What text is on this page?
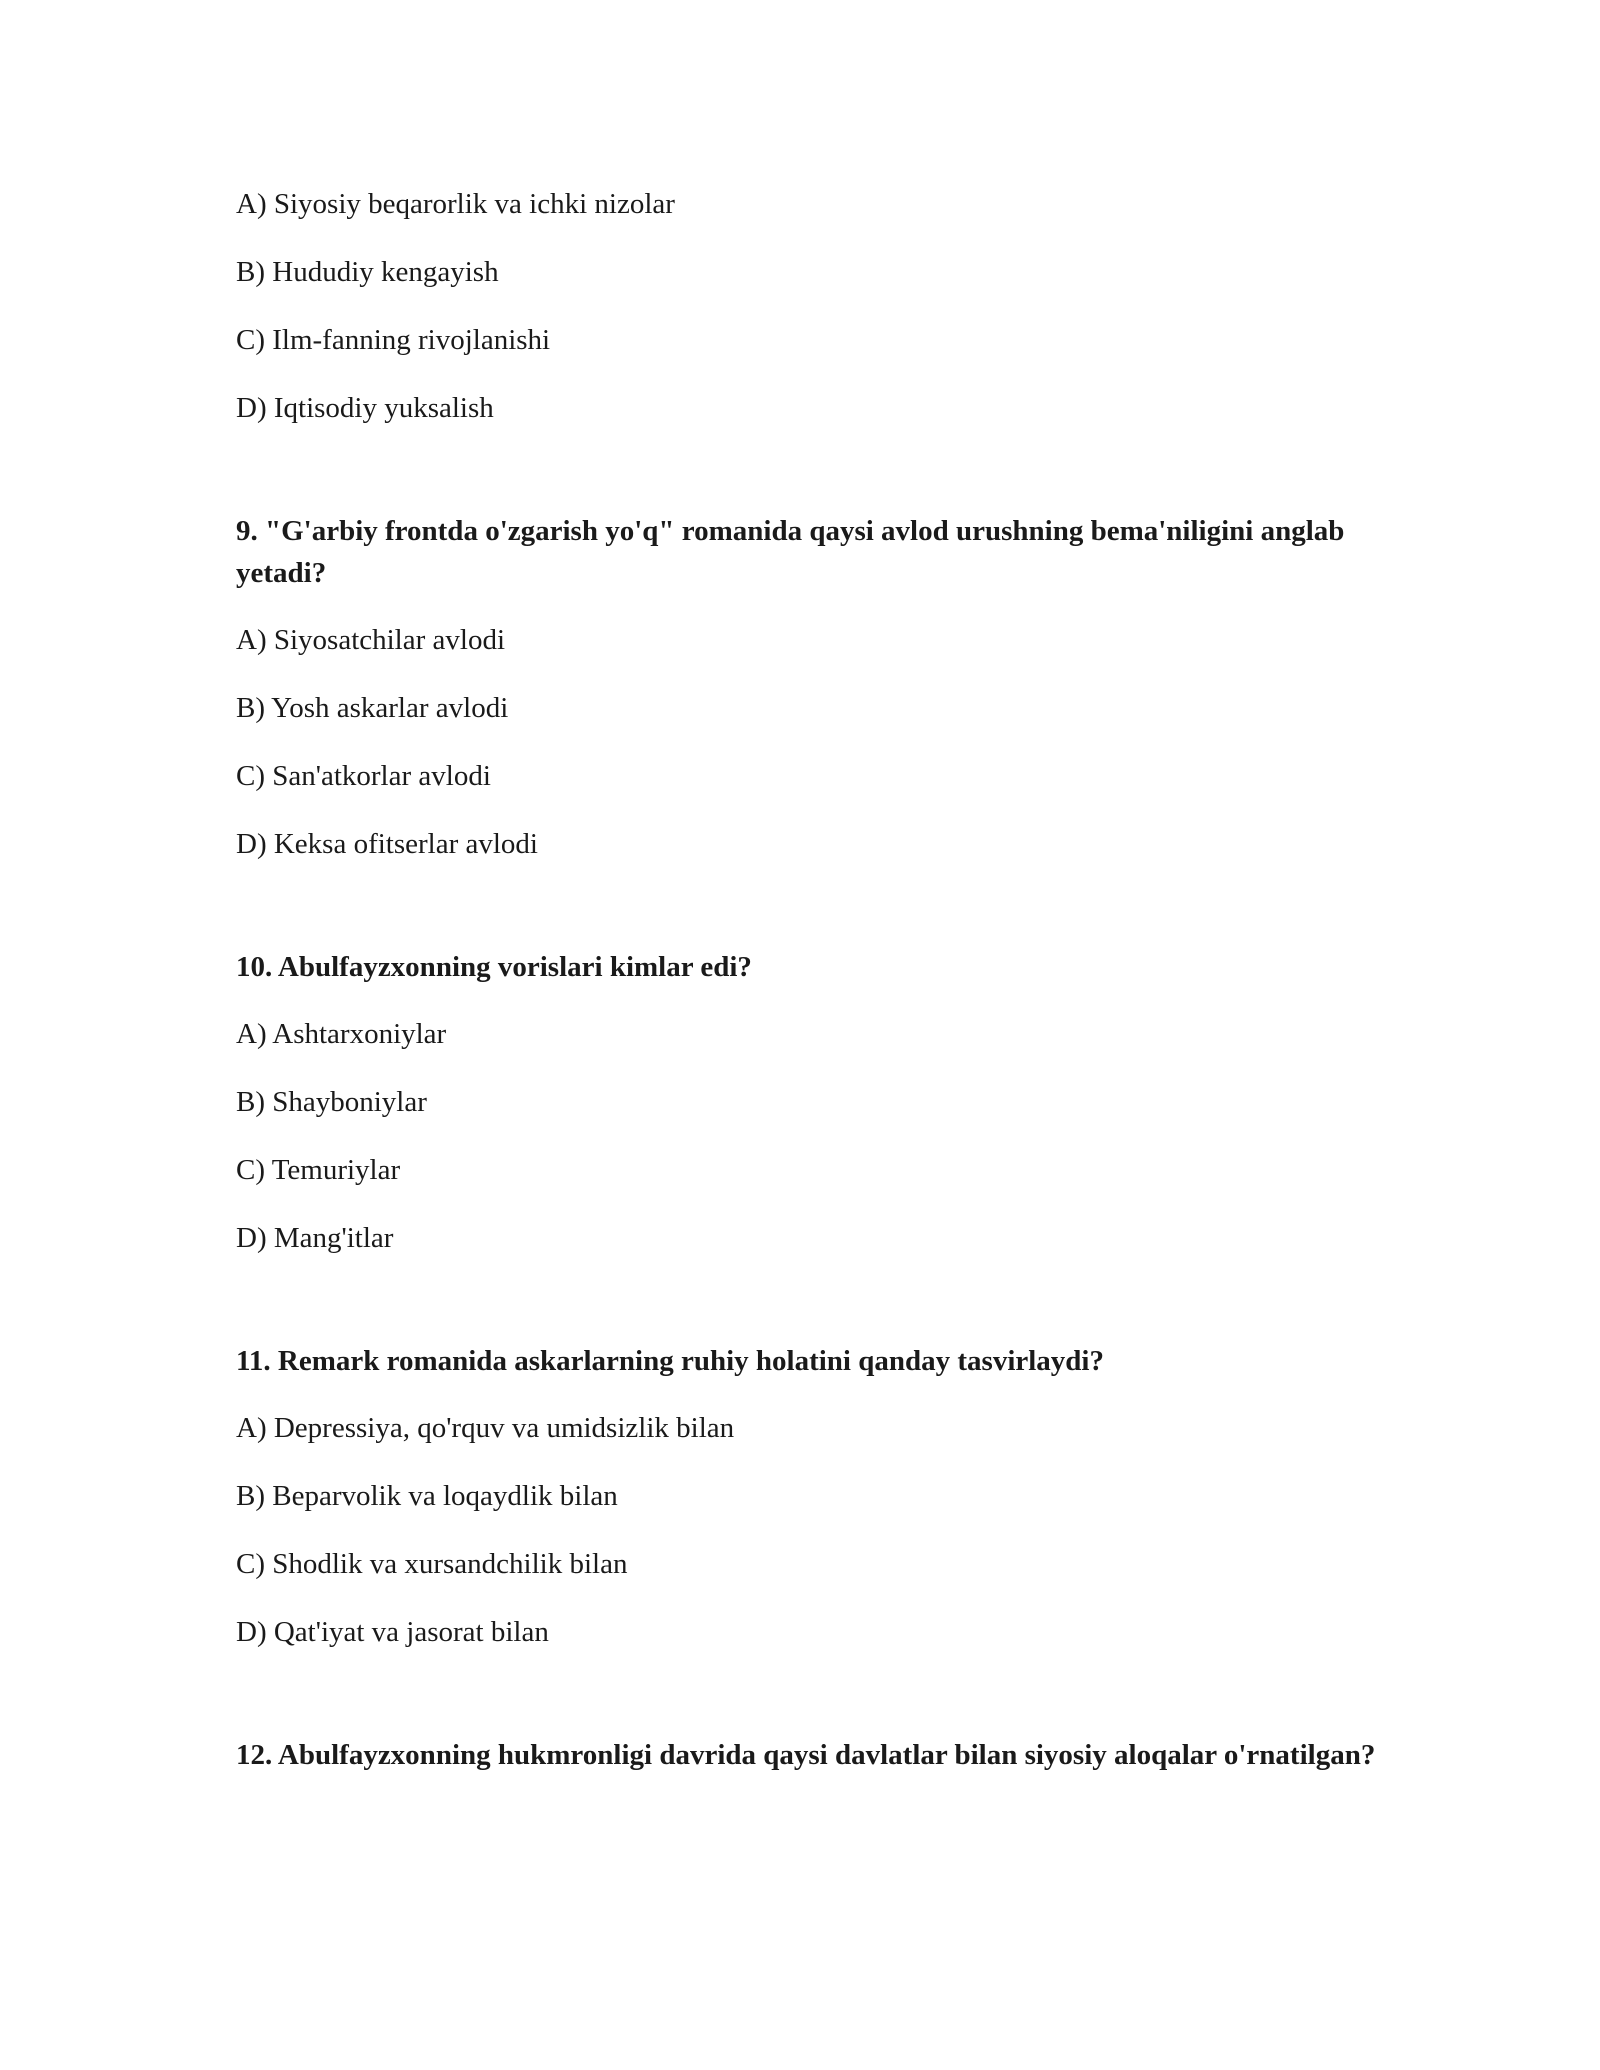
A) Siyosiy beqarorlik va ichki nizolar
B) Hududiy kengayish
C) Ilm-fanning rivojlanishi
D) Iqtisodiy yuksalish
9. "G'arbiy frontda o'zgarish yo'q" romanida qaysi avlod urushning bema'niligini anglab yetadi?
A) Siyosatchilar avlodi
B) Yosh askarlar avlodi
C) San'atkorlar avlodi
D) Keksa ofitserlar avlodi
10. Abulfayzxonning vorislari kimlar edi?
A) Ashtarxoniylar
B) Shayboniylar
C) Temuriylar
D) Mang'itlar
11. Remark romanida askarlarning ruhiy holatini qanday tasvirlaydi?
A) Depressiya, qo'rquv va umidsizlik bilan
B) Beparvolik va loqaydlik bilan
C) Shodlik va xursandchilik bilan
D) Qat'iyat va jasorat bilan
12. Abulfayzxonning hukmronligi davrida qaysi davlatlar bilan siyosiy aloqalar o'rnatilgan?
